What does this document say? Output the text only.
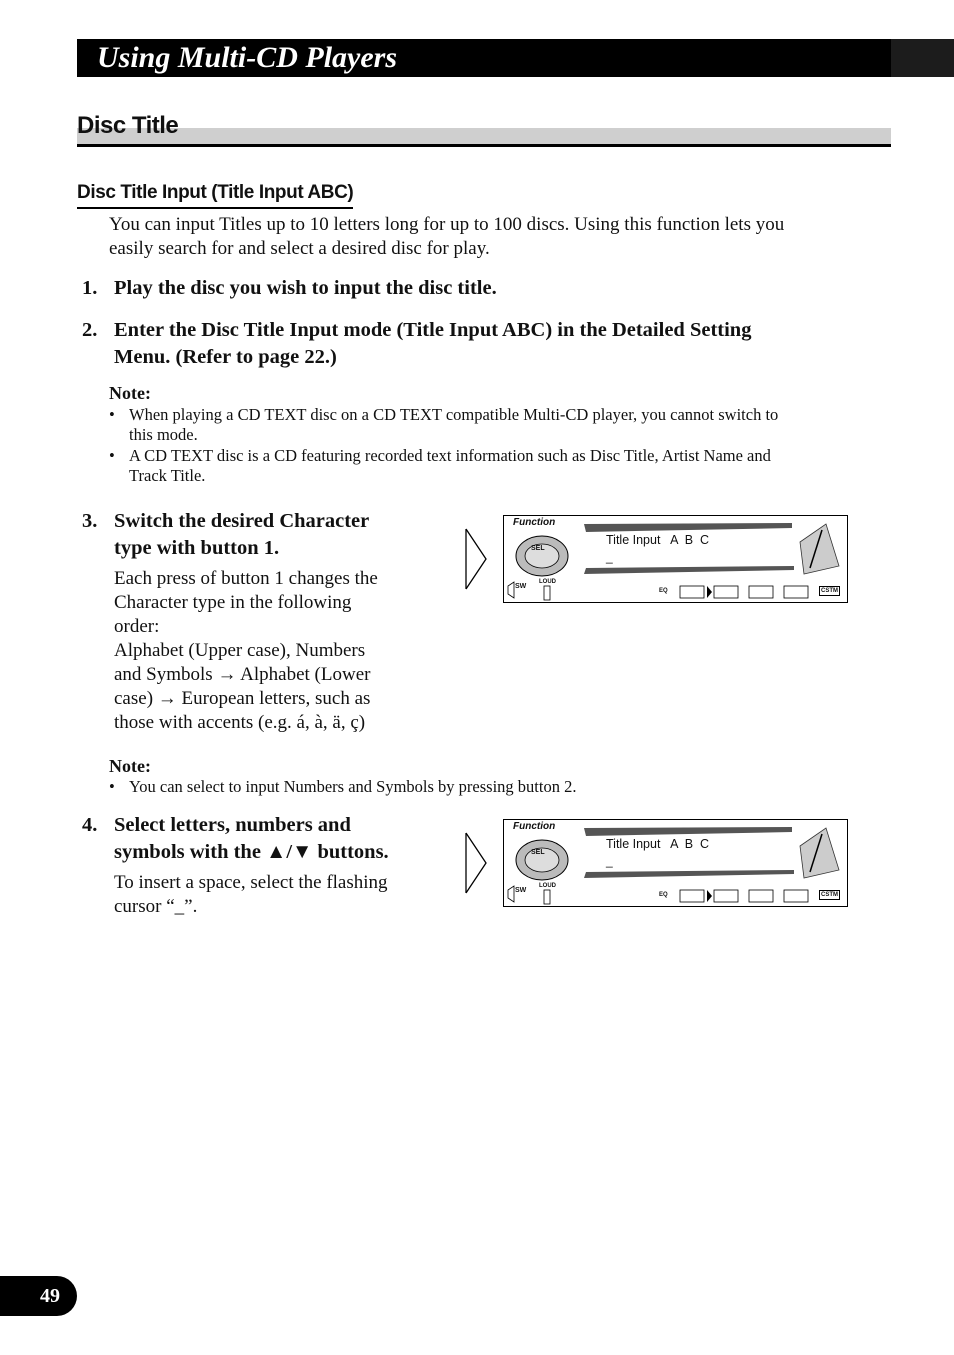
Using Multi-CD Players
Disc Title
Disc Title Input (Title Input ABC)
You can input Titles up to 10 letters long for up to 100 discs. Using this function lets you
easily search for and select a desired disc for play.
1. Play the disc you wish to input the disc title.
2. Enter the Disc Title Input mode (Title Input ABC) in the Detailed Setting
Menu. (Refer to page 22.)
Note:
• When playing a CD TEXT disc on a CD TEXT compatible Multi-CD player, you cannot switch to
this mode.
• A CD TEXT disc is a CD featuring recorded text information such as Disc Title, Artist Name and
Track Title.
3. Switch the desired Character
type with button 1.
Each press of button 1 changes the
Character type in the following
order:
Alphabet (Upper case), Numbers
and Symbols → Alphabet (Lower
case) → European letters, such as
those with accents (e.g. á, à, ä, ç)
Function
Title Input   A  B  C
_
SW
LOUD
EQ	CSTM
SEL
Note:
• You can select to input Numbers and Symbols by pressing button 2.
4. Select letters, numbers and
symbols with the ▲/▼ buttons.
To insert a space, select the flashing
cursor “_”.
Function
Title Input   A  B  C
_
SW
LOUD
EQ	CSTM
SEL
49
